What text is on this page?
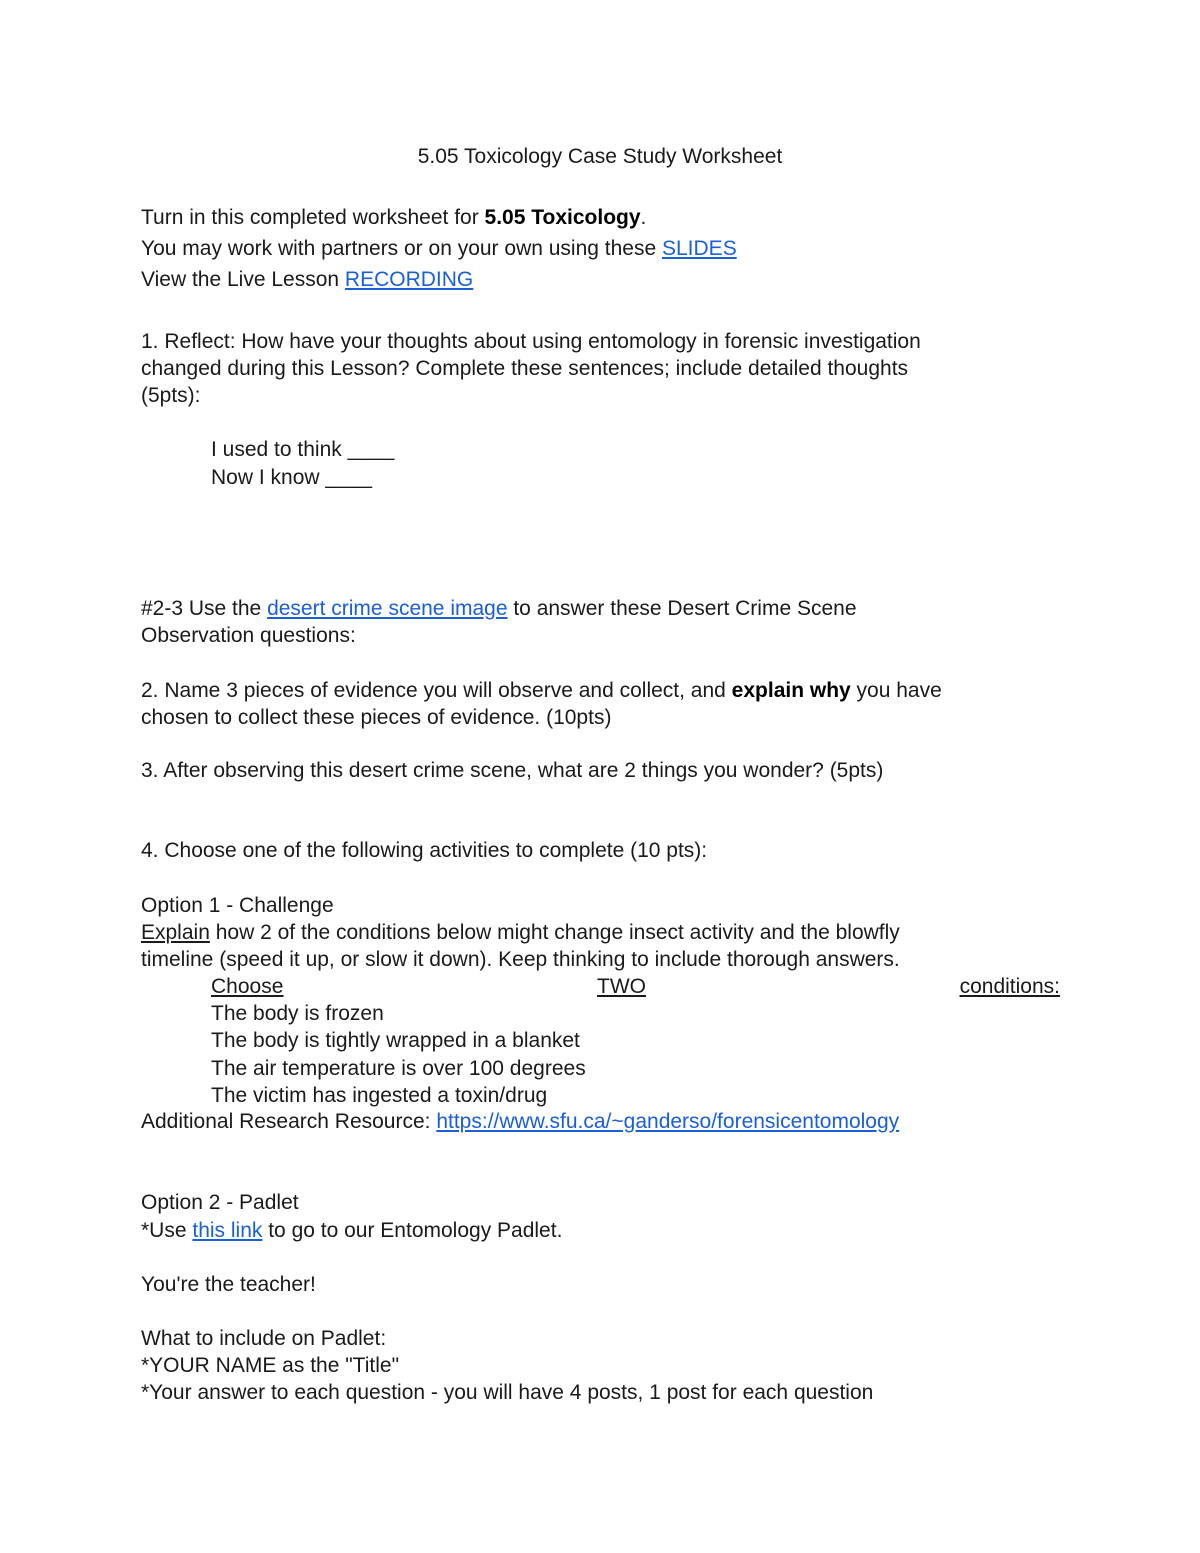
5.05 Toxicology Case Study Worksheet
Turn in this completed worksheet for 5.05 Toxicology.
You may work with partners or on your own using these SLIDES
View the Live Lesson RECORDING
1. Reflect: How have your thoughts about using entomology in forensic investigation
changed during this Lesson? Complete these sentences; include detailed thoughts
(5pts):
I used to think ____
Now I know ____
#2-3 Use the desert crime scene image to answer these Desert Crime Scene
Observation questions:
2. Name 3 pieces of evidence you will observe and collect, and explain why you have
chosen to collect these pieces of evidence. (10pts)
3. After observing this desert crime scene, what are 2 things you wonder? (5pts)
4. Choose one of the following activities to complete (10 pts):
Option 1 - Challenge
Explain how 2 of the conditions below might change insect activity and the blowfly
timeline (speed it up, or slow it down). Keep thinking to include thorough answers.
Choose	TWO	conditions:
The body is frozen
The body is tightly wrapped in a blanket
The air temperature is over 100 degrees
The victim has ingested a toxin/drug
Additional Research Resource: https://www.sfu.ca/~ganderso/forensicentomology
Option 2 - Padlet
*Use this link to go to our Entomology Padlet.
You're the teacher!
What to include on Padlet:
*YOUR NAME as the "Title"
*Your answer to each question - you will have 4 posts, 1 post for each question
